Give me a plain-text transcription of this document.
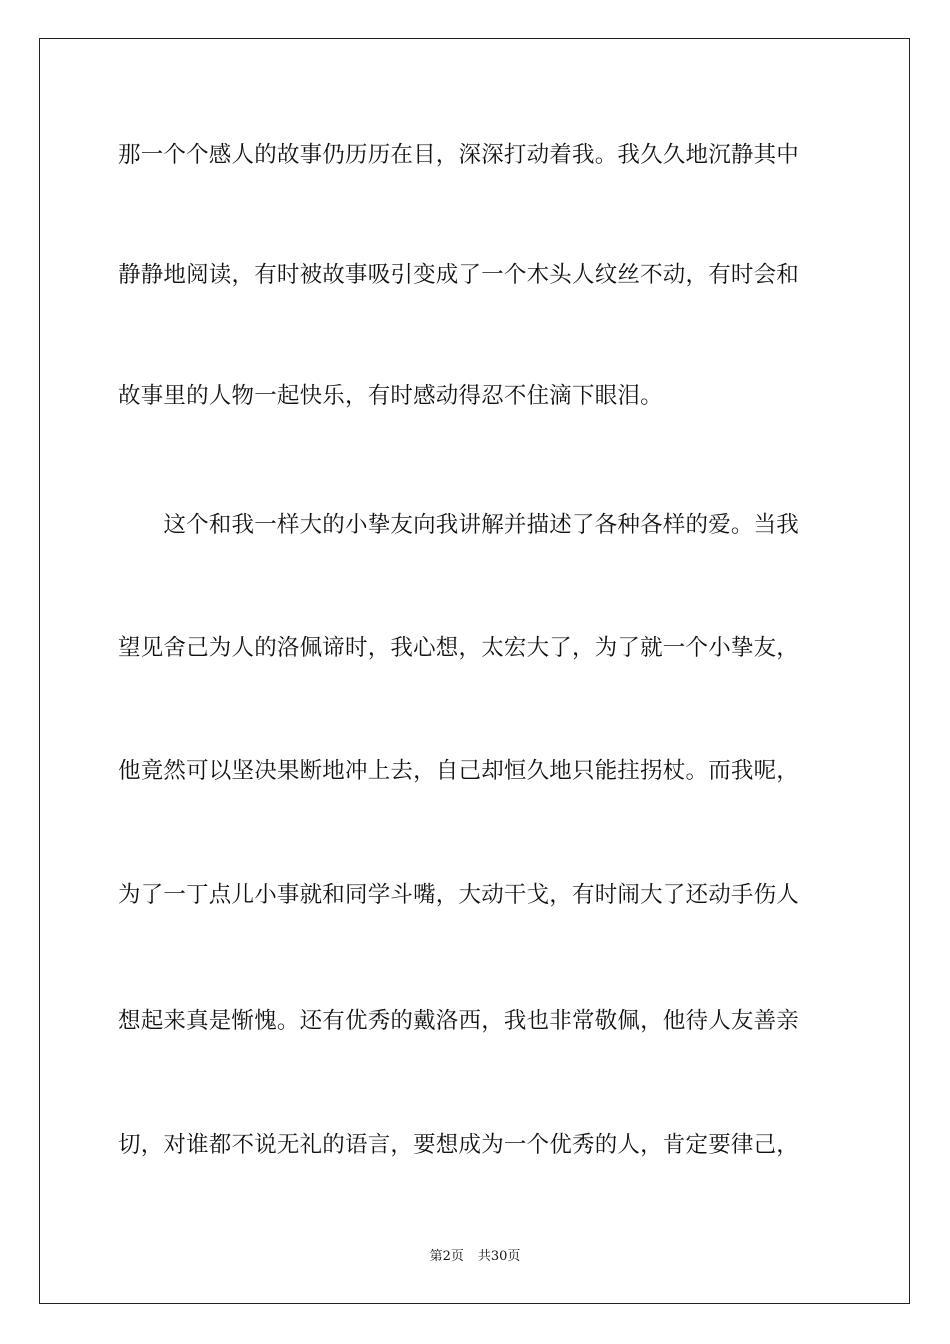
那一个个感人的故事仍历历在目，深深打动着我。我久久地沉静其中
静静地阅读，有时被故事吸引变成了一个木头人纹丝不动，有时会和
故事里的人物一起快乐，有时感动得忍不住滴下眼泪。
　　这个和我一样大的小挚友向我讲解并描述了各种各样的爱。当我
望见舍己为人的洛佩谛时，我心想，太宏大了，为了就一个小挚友，
他竟然可以坚决果断地冲上去，自己却恒久地只能拄拐杖。而我呢，
为了一丁点儿小事就和同学斗嘴，大动干戈，有时闹大了还动手伤人
想起来真是惭愧。还有优秀的戴洛西，我也非常敬佩，他待人友善亲
切，对谁都不说无礼的语言，要想成为一个优秀的人，肯定要律己，
第2页 共30页
